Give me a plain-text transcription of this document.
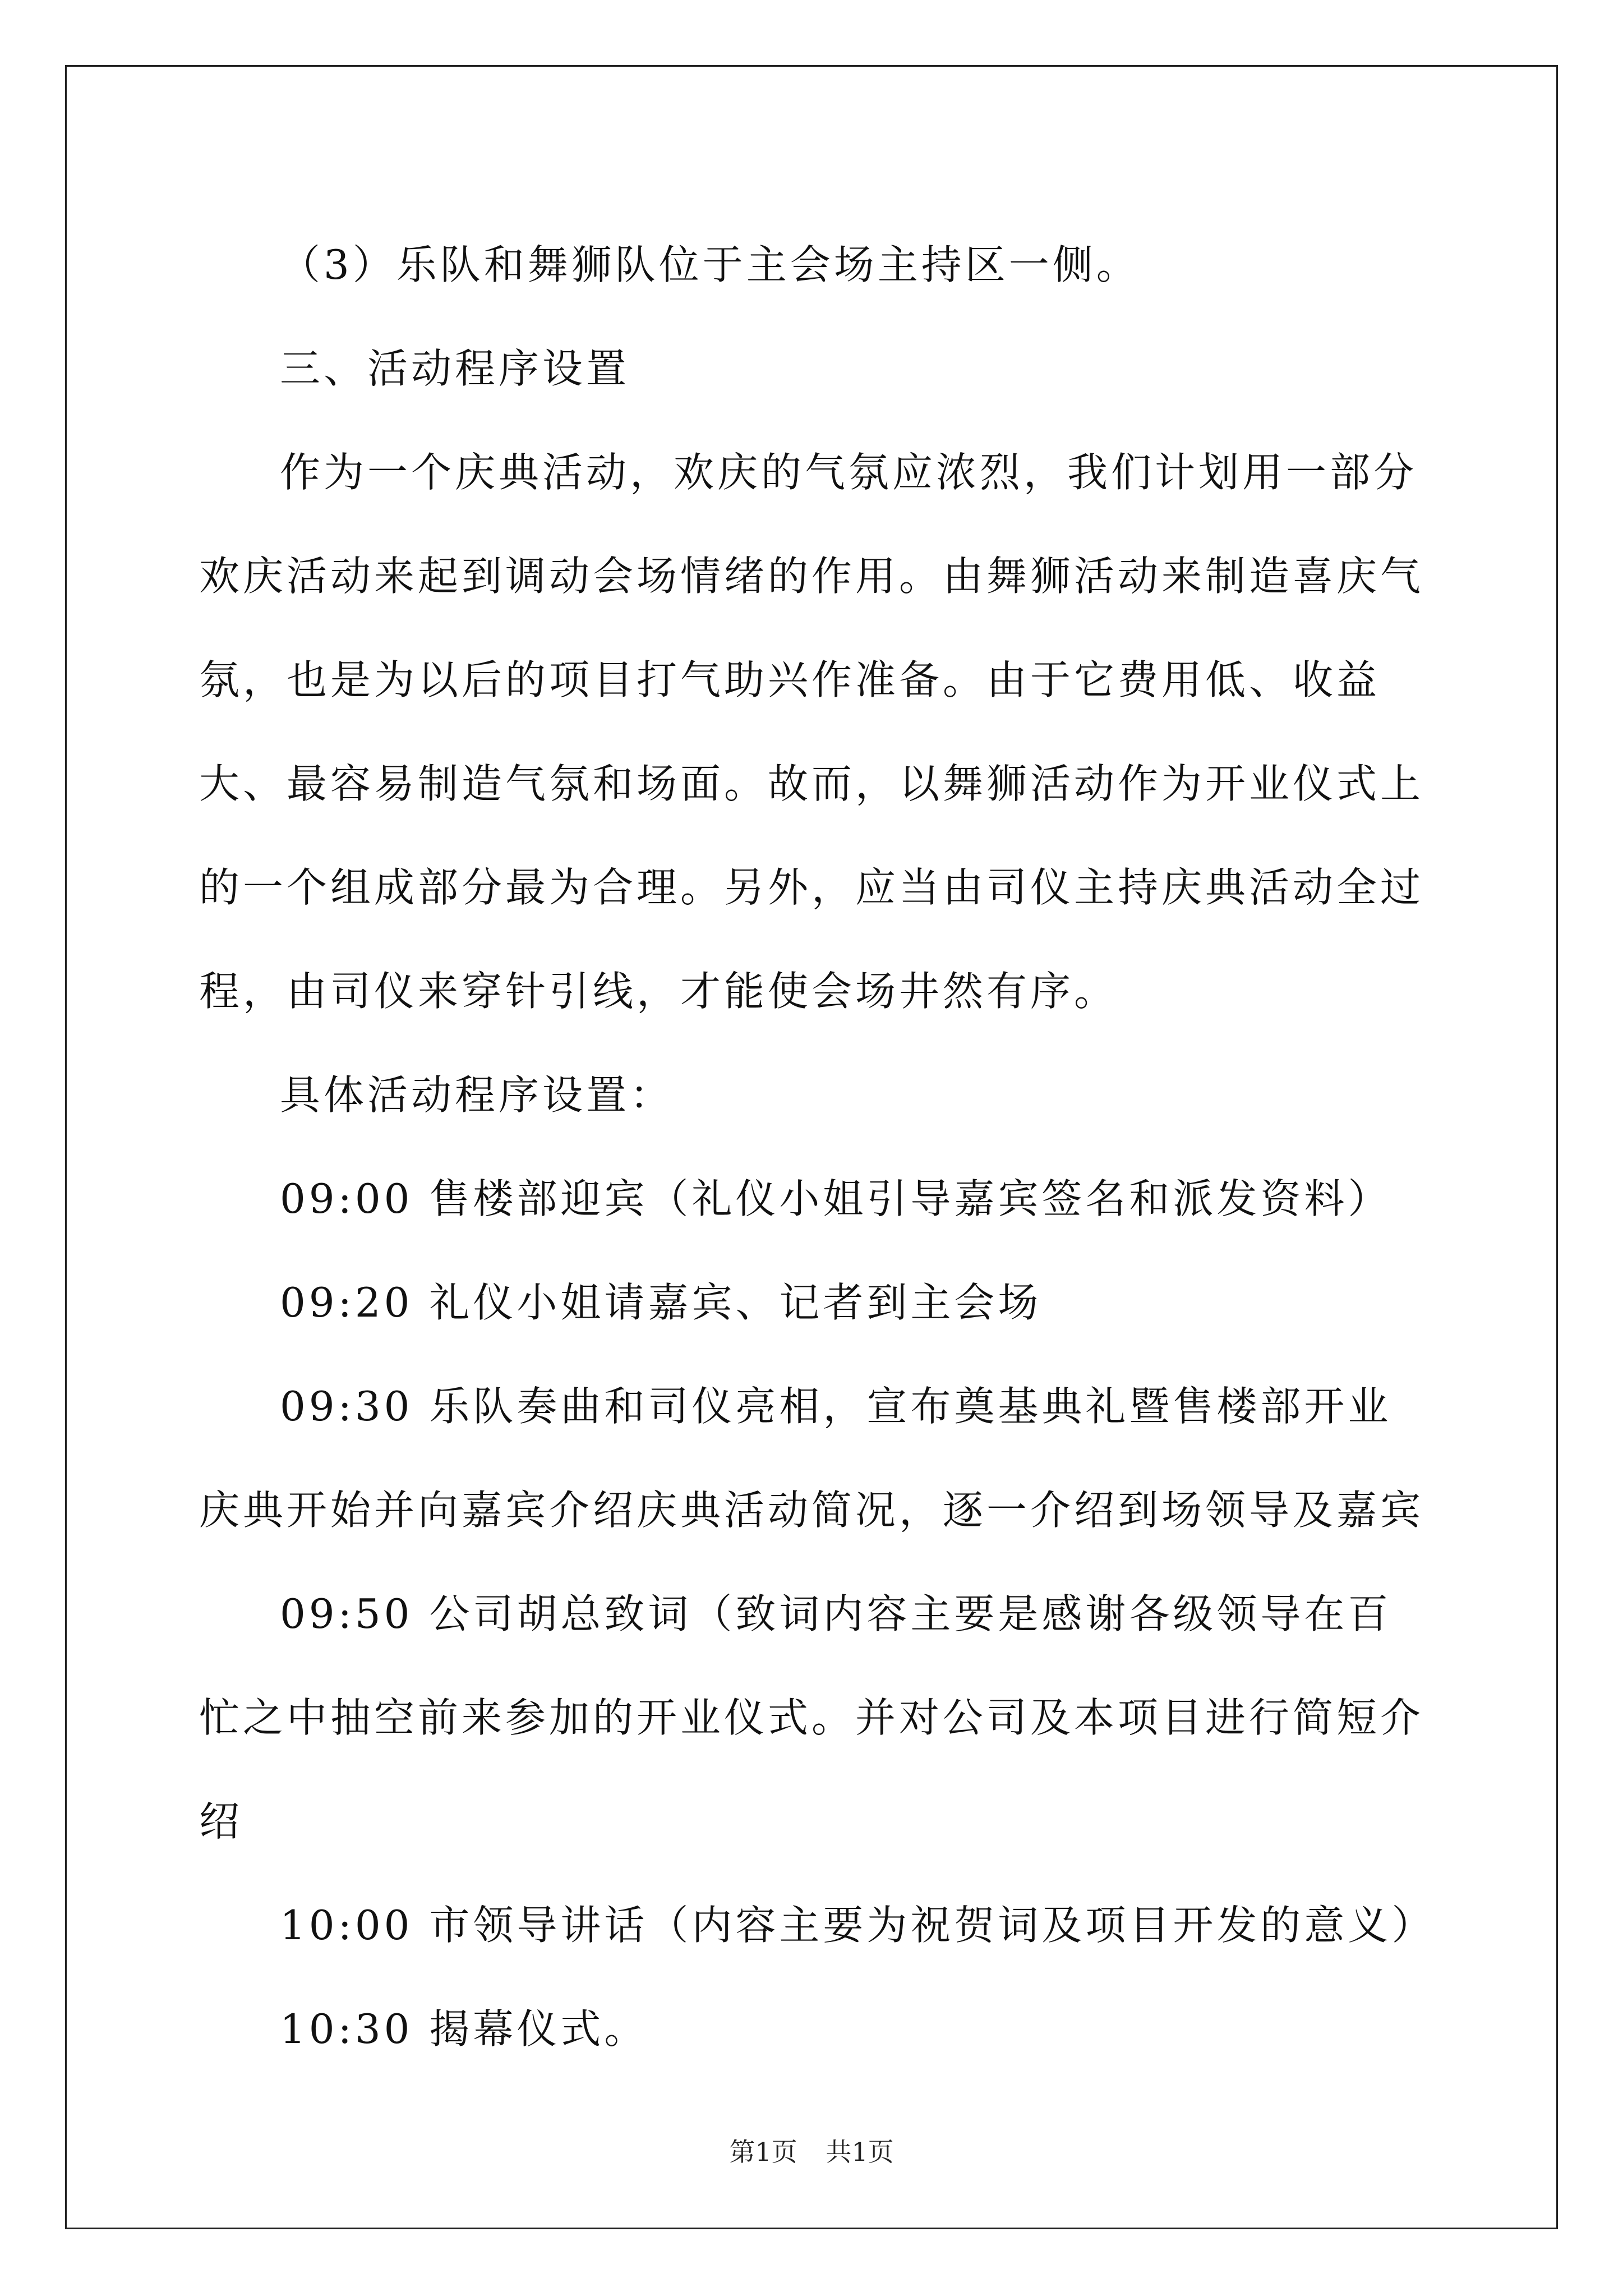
（3）乐队和舞狮队位于主会场主持区一侧。

三、活动程序设置

作为一个庆典活动，欢庆的气氛应浓烈，我们计划用一部分欢庆活动来起到调动会场情绪的作用。由舞狮活动来制造喜庆气氛，也是为以后的项目打气助兴作准备。由于它费用低、收益大、最容易制造气氛和场面。故而，以舞狮活动作为开业仪式上的一个组成部分最为合理。另外，应当由司仪主持庆典活动全过程，由司仪来穿针引线，才能使会场井然有序。

具体活动程序设置：

09:00 售楼部迎宾（礼仪小姐引导嘉宾签名和派发资料）

09:20 礼仪小姐请嘉宾、记者到主会场

09:30 乐队奏曲和司仪亮相，宣布奠基典礼暨售楼部开业庆典开始并向嘉宾介绍庆典活动简况，逐一介绍到场领导及嘉宾

09:50 公司胡总致词（致词内容主要是感谢各级领导在百忙之中抽空前来参加的开业仪式。并对公司及本项目进行简短介绍

10:00 市领导讲话（内容主要为祝贺词及项目开发的意义）

10:30 揭幕仪式。

第1页 共1页
